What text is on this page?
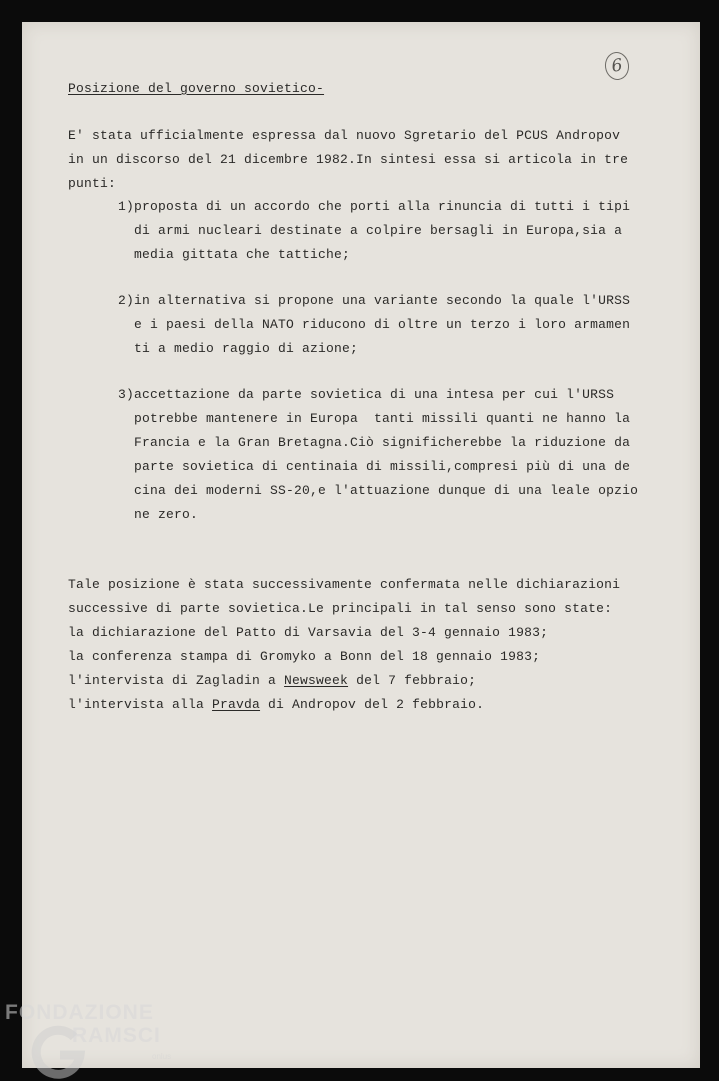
6

Posizione del governo sovietico-

E' stata ufficialmente espressa dal nuovo Sgretario del PCUS Andropov

in un discorso del 21 dicembre 1982.In sintesi essa si articola in tre

punti:

1)proposta di un accordo che porti alla rinuncia di tutti i tipi

di armi nucleari destinate a colpire bersagli in Europa,sia a

media gittata che tattiche;

2)in alternativa si propone una variante secondo la quale l'URSS

e i paesi della NATO riducono di oltre un terzo i loro armamen

ti a medio raggio di azione;

3)accettazione da parte sovietica di una intesa per cui l'URSS

potrebbe mantenere in Europa  tanti missili quanti ne hanno la

Francia e la Gran Bretagna.Ciò significherebbe la riduzione da

parte sovietica di centinaia di missili,compresi più di una de

cina dei moderni SS-20,e l'attuazione dunque di una leale opzio

ne zero.

Tale posizione è stata successivamente confermata nelle dichiarazioni

successive di parte sovietica.Le principali in tal senso sono state:

la dichiarazione del Patto di Varsavia del 3-4 gennaio 1983;

la conferenza stampa di Gromyko a Bonn del 18 gennaio 1983;

l'intervista di Zagladin a Newsweek del 7 febbraio;

l'intervista alla Pravda di Andropov del 2 febbraio.

FONDAZIONE
RAMSCI
onlus
